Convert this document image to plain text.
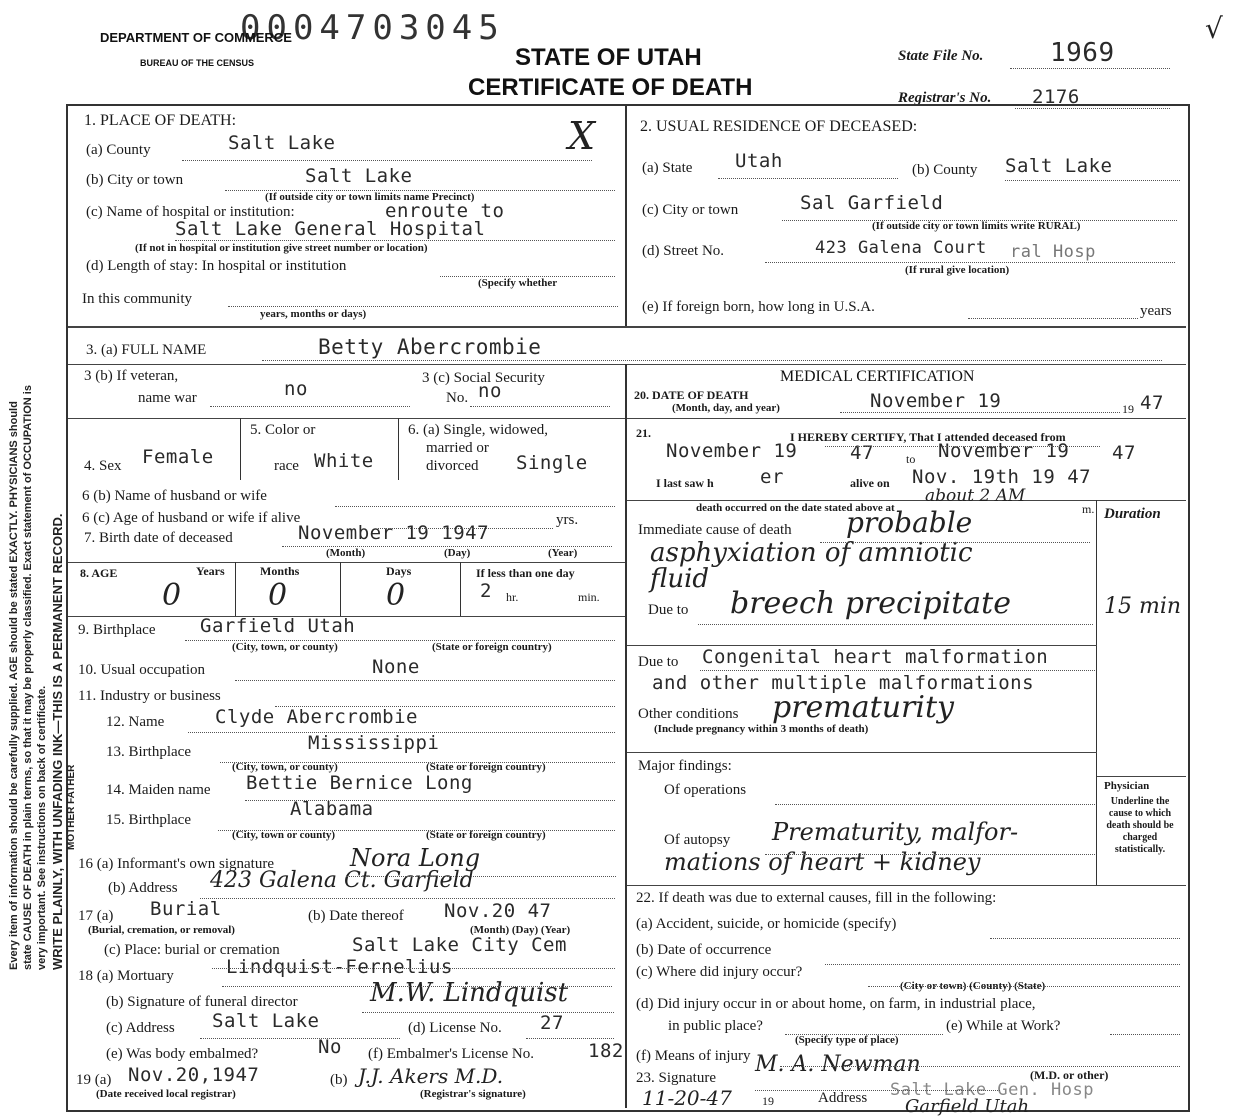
0004703045
DEPARTMENT OF COMMERCE
BUREAU OF THE CENSUS	STATE OF UTAH
CERTIFICATE OF DEATH
State File No.	1969
Registrar's No. 2176
√
Every item of information should be carefully supplied. AGE should be stated EXACTLY. PHYSICIANS should state CAUSE OF DEATH in plain terms, so that it may be properly classified. Exact statement of OCCUPATION is very important. See instructions on back of certificate. WRITE PLAINLY, WITH UNFADING INK—THIS IS A PERMANENT RECORD.
1. PLACE OF DEATH:
(a) County	Salt Lake	X
(b) City or town	Salt Lake
(If outside city or town limits name Precinct)
(c) Name of hospital or institution:	enroute to
Salt Lake General Hospital
(If not in hospital or institution give street number or location)
(d) Length of stay: In hospital or institution
(Specify whether
In this community
years, months or days)
2. USUAL RESIDENCE OF DECEASED:
(a) State Utah	(b) County Salt Lake
(c) City or town	Sal Garfield
(If outside city or town limits write RURAL)
(d) Street No.	423 Galena Court ral Hosp
(If rural give location)
(e) If foreign born, how long in U.S.A.	years
3. (a) FULL NAME	Betty Abercrombie
3 (b) If veteran,
name war	no	3 (c) Social Security
No. no
4. Sex Female
5. Color or
race White
6. (a) Single, widowed,
married or
divorced Single
6 (b) Name of husband or wife
6 (c) Age of husband or wife if alive	yrs.
7. Birth date of deceased	November 19 1947
(Month)	(Day)	(Year)
8. AGE	Years	Months	Days	If less than one day
0	0	0	2 hr.	min.
9. Birthplace Garfield Utah
(City, town, or county)	(State or foreign country)
10. Usual occupation	None
11. Industry or business
MOTHER FATHER
12. Name	Clyde Abercrombie
13. Birthplace	Mississippi
(City, town, or county)	(State or foreign country)
14. Maiden name Bettie Bernice Long
15. Birthplace	Alabama
(City, town or county)	(State or foreign country)
16 (a) Informant's own signature	Nora Long
(b) Address 423 Galena Ct. Garfield
17 (a) Burial	(b) Date thereof Nov.20 47
(Burial, cremation, or removal)	(Month) (Day) (Year)
(c) Place: burial or cremation	Salt Lake City Cem
18 (a) Mortuary	Lindquist-Fernelius
(b) Signature of funeral director	M.W. Lindquist
(c) Address Salt Lake	(d) License No. 27
(e) Was body embalmed?	No (f) Embalmer's License No.	182
19 (a) Nov.20,1947
(Date received local registrar)
(b) J.J. Akers M.D.
(Registrar's signature)
MEDICAL CERTIFICATION
20. DATE OF DEATH
(Month, day, and year)	November 19	19 47
21.	I HEREBY CERTIFY, That I attended deceased from
November 19	47	to November 19 47
I last saw h er	alive on Nov. 19th 19 47
death occurred on the date stated above at
about 2 AM
m. Duration
Immediate cause of death probable
asphyxiation of amniotic
fluid
Due to breech precipitate	15 min
Due to Congenital heart malformation
and other multiple malformations
Other conditions prematurity
(Include pregnancy within 3 months of death)
Major findings:
Of operations
Of autopsy Prematurity, malfor-
mations of heart + kidney
Physician
Underline the cause to which death should be charged statistically.
22. If death was due to external causes, fill in the following:
(a) Accident, suicide, or homicide (specify)
(b) Date of occurrence
(c) Where did injury occur?
(City or town) (County) (State)
(d) Did injury occur in or about home, on farm, in industrial place,
in public place?	(e) While at Work?
(Specify type of place)
(f) Means of injury
23. Signature
M. A. Newman	(M.D. or other)
11-20-47	19	Address Salt Lake Gen. Hosp
Garfield Utah
